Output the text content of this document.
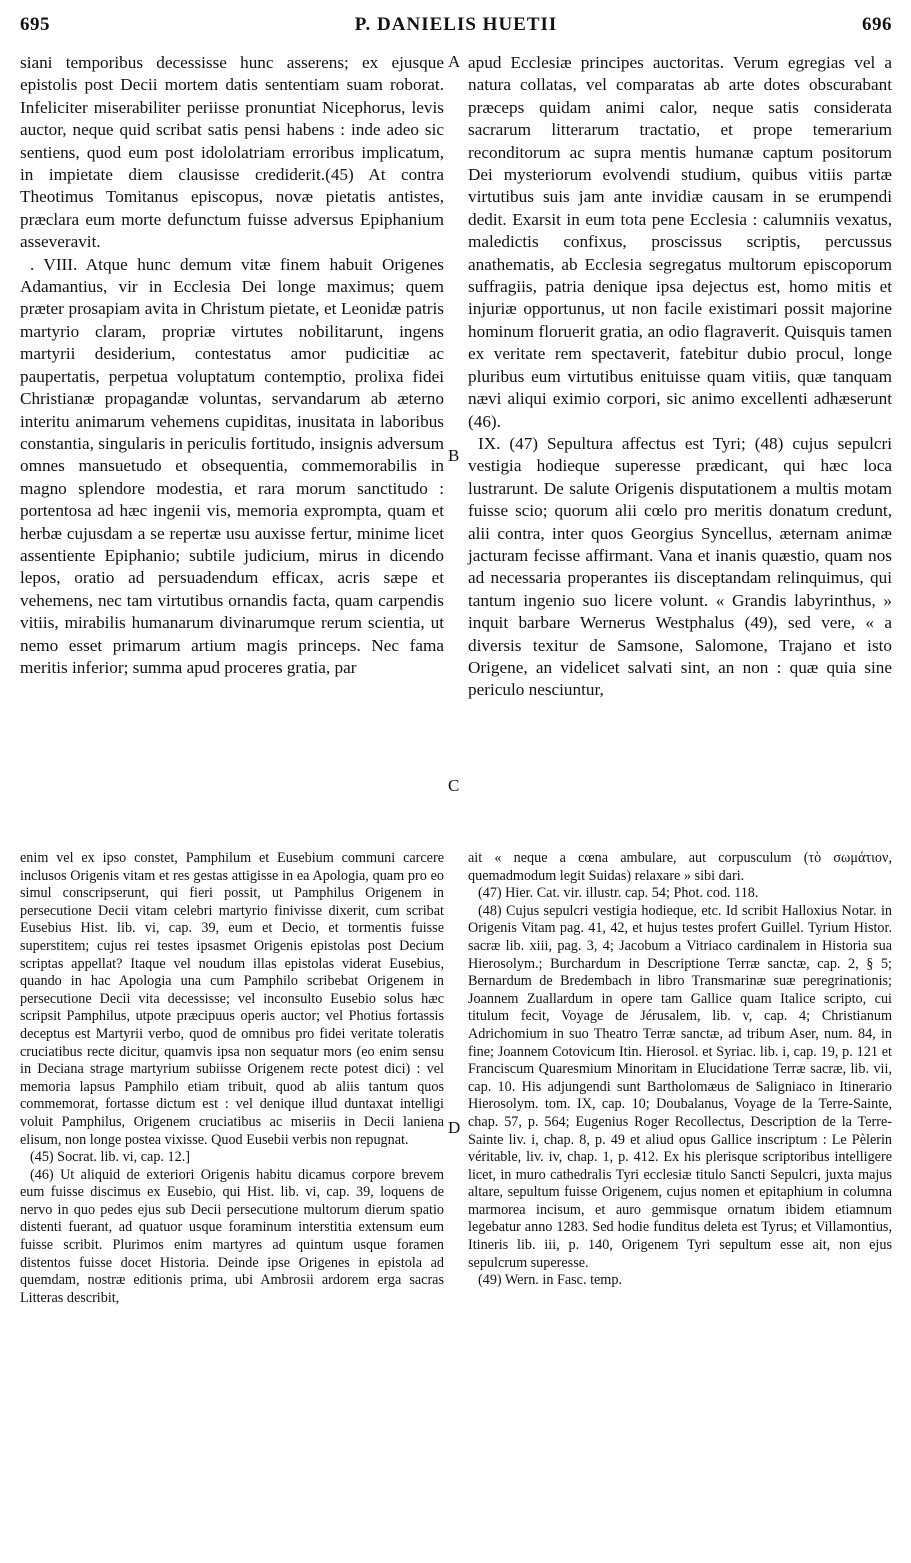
P. DANIELIS HUETII
695	696

siani temporibus decessisse hunc asserens; ex ejusque epistolis post Decii mortem datis sententiam suam roborat. Infeliciter miserabiliter periisse pronuntiat Nicephorus, levis auctor, neque quid scribat satis pensi habens : inde adeo sic sentiens, quod eum post idololatriam erroribus implicatum, in impietate diem clausisse crediderit.(45) At contra Theotimus Tomitanus episcopus, novæ pietatis antistes, præclara eum morte defunctum fuisse adversus Epiphanium asseveravit.

. VIII. Atque hunc demum vitæ finem habuit Origenes Adamantius, vir in Ecclesia Dei longe maximus; quem præter prosapiam avita in Christum pietate, et Leonidæ patris martyrio claram, propriæ virtutes nobilitarunt, ingens martyrii desiderium, contestatus amor pudicitiæ ac paupertatis, perpetua voluptatum contemptio, prolixa fidei Christianæ propagandæ voluntas, servandarum ab æterno interitu animarum vehemens cupiditas, inusitata in laboribus constantia, singularis in periculis fortitudo, insignis adversum omnes mansuetudo et obsequentia, commemorabilis in magno splendore modestia, et rara morum sanctitudo : portentosa ad hæc ingenii vis, memoria exprompta, quam et herbæ cujusdam a se repertæ usu auxisse fertur, minime licet assentiente Epiphanio; subtile judicium, mirus in dicendo lepos, oratio ad persuadendum efficax, acris sæpe et vehemens, nec tam virtutibus ornandis facta, quam carpendis vitiis, mirabilis humanarum divinarumque rerum scientia, ut nemo esset primarum artium magis princeps. Nec fama meritis inferior; summa apud proceres gratia, par

apud Ecclesiæ principes auctoritas. Verum egregias vel a natura collatas, vel comparatas ab arte dotes obscurabant præceps quidam animi calor, neque satis considerata sacrarum litterarum tractatio, et prope temerarium reconditorum ac supra mentis humanæ captum positorum Dei mysteriorum evolvendi studium, quibus vitiis partæ virtutibus suis jam ante invidiæ causam in se erumpendi dedit. Exarsit in eum tota pene Ecclesia : calumniis vexatus, maledictis confixus, proscissus scriptis, percussus anathematis, ab Ecclesia segregatus multorum episcoporum suffragiis, patria denique ipsa dejectus est, homo mitis et injuriæ opportunus, ut non facile existimari possit majorine hominum floruerit gratia, an odio flagraverit. Quisquis tamen ex veritate rem spectaverit, fatebitur dubio procul, longe pluribus eum virtutibus enituisse quam vitiis, quæ tanquam nævi aliqui eximio corpori, sic animo excellenti adhæserunt (46).

IX. (47) Sepultura affectus est Tyri; (48) cujus sepulcri vestigia hodieque superesse prædicant, qui hæc loca lustrarunt. De salute Origenis disputationem a multis motam fuisse scio; quorum alii cœlo pro meritis donatum credunt, alii contra, inter quos Georgius Syncellus, æternam animæ jacturam fecisse affirmant. Vana et inanis quæstio, quam nos ad necessaria properantes iis disceptandam relinquimus, qui tantum ingenio suo licere volunt. « Grandis labyrinthus, » inquit barbare Wernerus Westphalus (49), sed vere, « a diversis texitur de Samsone, Salomone, Trajano et isto Origene, an videlicet salvati sint, an non : quæ quia sine periculo nesciuntur,

A
B
C
D

enim vel ex ipso constet, Pamphilum et Eusebium communi carcere inclusos Origenis vitam et res gestas attigisse in ea Apologia, quam pro eo simul conscripserunt, qui fieri possit, ut Pamphilus Origenem in persecutione Decii vitam celebri martyrio finivisse dixerit, cum scribat Eusebius Hist. lib. vi, cap. 39, eum et Decio, et tormentis fuisse superstitem; cujus rei testes ipsasmet Origenis epistolas post Decium scriptas appellat? Itaque vel noudum illas epistolas viderat Eusebius, quando in hac Apologia una cum Pamphilo scribebat Origenem in persecutione Decii vita decessisse; vel inconsulto Eusebio solus hæc scripsit Pamphilus, utpote præcipuus operis auctor; vel Photius fortassis deceptus est Martyrii verbo, quod de omnibus pro fidei veritate toleratis cruciatibus recte dicitur, quamvis ipsa non sequatur mors (eo enim sensu in Deciana strage martyrium subiisse Origenem recte potest dici) : vel memoria lapsus Pamphilo etiam tribuit, quod ab aliis tantum quos commemorat, fortasse dictum est : vel denique illud duntaxat intelligi voluit Pamphilus, Origenem cruciatibus ac miseriis in Decii laniena elisum, non longe postea vixisse. Quod Eusebii verbis non repugnat.

(45) Socrat. lib. vi, cap. 12.]

(46) Ut aliquid de exteriori Origenis habitu dicamus corpore brevem eum fuisse discimus ex Eusebio, qui Hist. lib. vi, cap. 39, loquens de nervo in quo pedes ejus sub Decii persecutione multorum dierum spatio distenti fuerant, ad quatuor usque foraminum interstitia extensum eum fuisse scribit. Plurimos enim martyres ad quintum usque foramen distentos fuisse docet Historia. Deinde ipse Origenes in epistola ad quemdam, nostræ editionis prima, ubi Ambrosii ardorem erga sacras Litteras describit,

ait « neque a cœna ambulare, aut corpusculum (τὸ σωμάτιον, quemadmodum legit Suidas) relaxare » sibi dari.

(47) Hier. Cat. vir. illustr. cap. 54; Phot. cod. 118.

(48) Cujus sepulcri vestigia hodieque, etc. Id scribit Halloxius Notar. in Origenis Vitam pag. 41, 42, et hujus testes profert Guillel. Tyrium Histor. sacræ lib. xiii, pag. 3, 4; Jacobum a Vitriaco cardinalem in Historia sua Hierosolym.; Burchardum in Descriptione Terræ sanctæ, cap. 2, § 5; Bernardum de Bredembach in libro Transmarinæ suæ peregrinationis; Joannem Zuallardum in opere tam Gallice quam Italice scripto, cui titulum fecit, Voyage de Jérusalem, lib. v, cap. 4; Christianum Adrichomium in suo Theatro Terræ sanctæ, ad tribum Aser, num. 84, in fine; Joannem Cotovicum Itin. Hierosol. et Syriac. lib. i, cap. 19, p. 121 et Franciscum Quaresmium Minoritam in Elucidatione Terræ sacræ, lib. vii, cap. 10. His adjungendi sunt Bartholomæus de Saligniaco in Itinerario Hierosolym. tom. IX, cap. 10; Doubalanus, Voyage de la Terre-Sainte, chap. 57, p. 564; Eugenius Roger Recollectus, Description de la Terre-Sainte liv. i, chap. 8, p. 49 et aliud opus Gallice inscriptum : Le Pèlerin véritable, liv. iv, chap. 1, p. 412. Ex his plerisque scriptoribus intelligere licet, in muro cathedralis Tyri ecclesiæ titulo Sancti Sepulcri, juxta majus altare, sepultum fuisse Origenem, cujus nomen et epitaphium in columna marmorea incisum, et auro gemmisque ornatum ibidem etiamnum legebatur anno 1283. Sed hodie funditus deleta est Tyrus; et Villamontius, Itineris lib. iii, p. 140, Origenem Tyri sepultum esse ait, non ejus sepulcrum superesse.

(49) Wern. in Fasc. temp.
